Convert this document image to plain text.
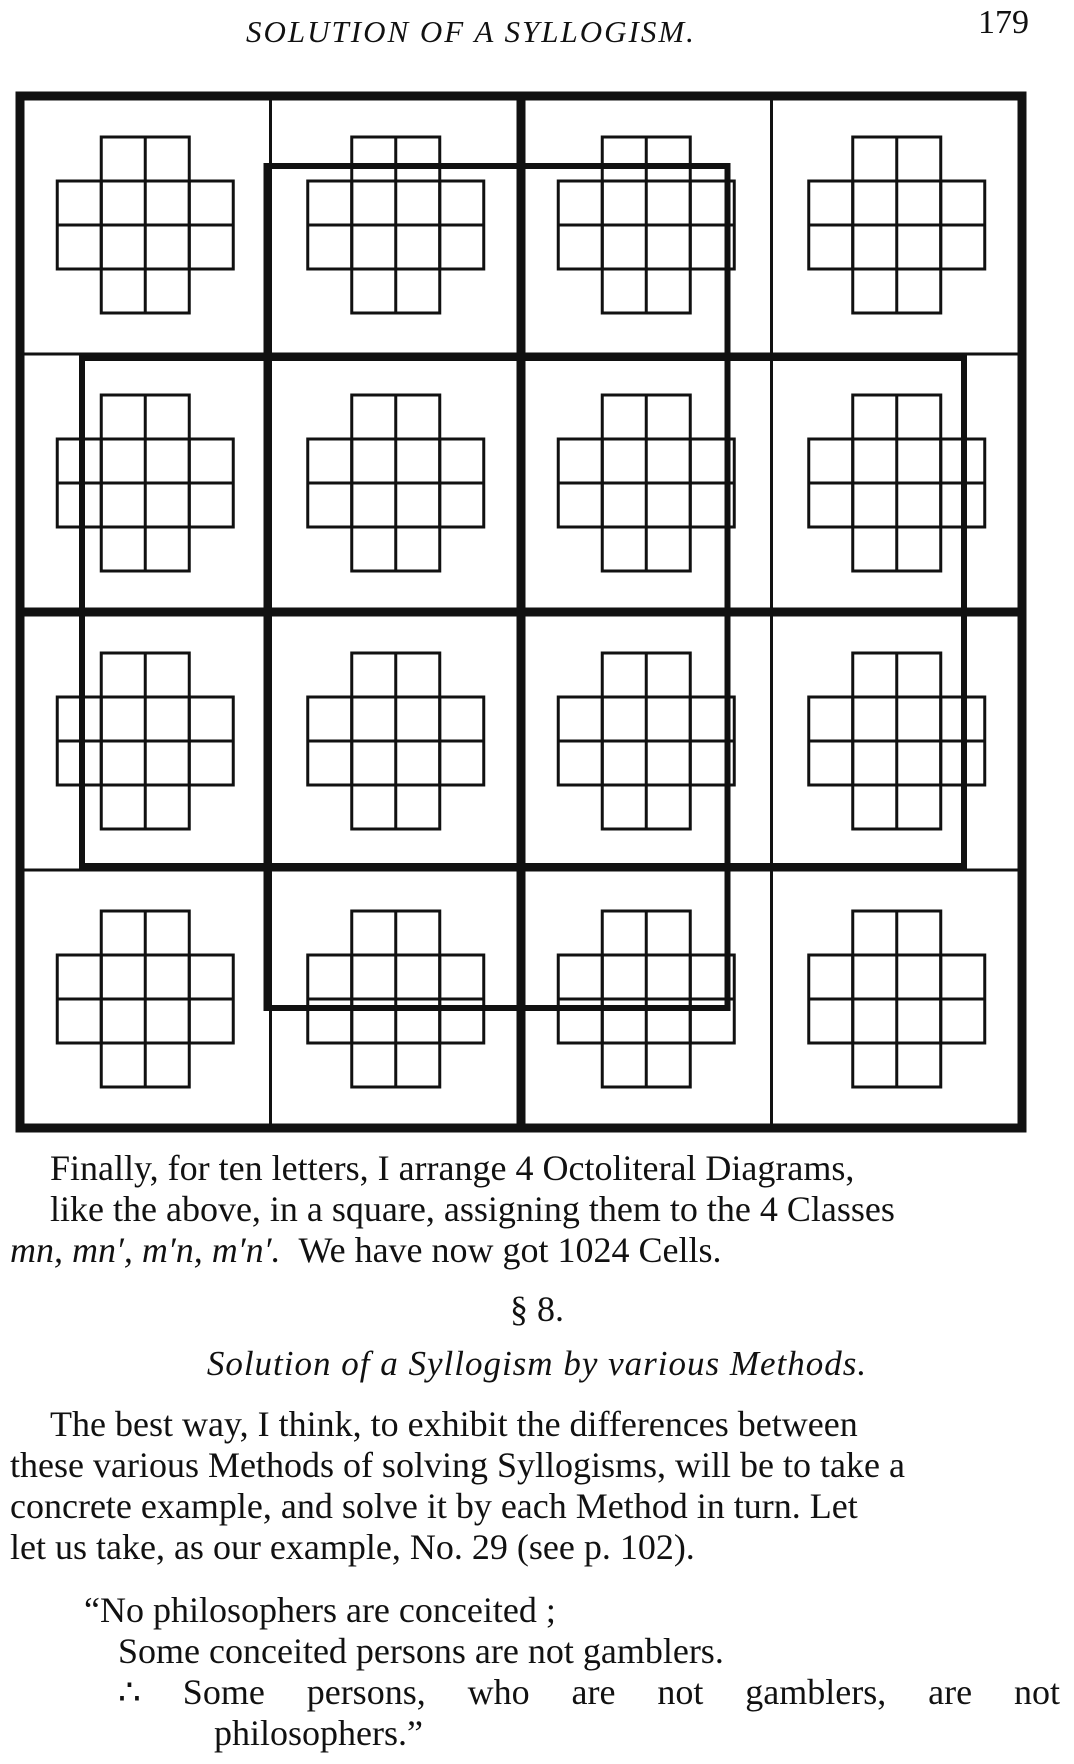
SOLUTION OF A SYLLOGISM.	179

Finally, for ten letters, I arrange 4 Octoliteral Diagrams,

like the above, in a square, assigning them to the 4 Classes

mn, mn′, m′n, m′n′. We have now got 1024 Cells.

§ 8.
Solution of a Syllogism by various Methods.

The best way, I think, to exhibit the differences between

these various Methods of solving Syllogisms, will be to take a

concrete example, and solve it by each Method in turn. Let

let us take, as our example, No. 29 (see p. 102).

“No philosophers are conceited ;

Some conceited persons are not gamblers.

∴ Some persons, who are not gamblers, are not

philosophers.”
